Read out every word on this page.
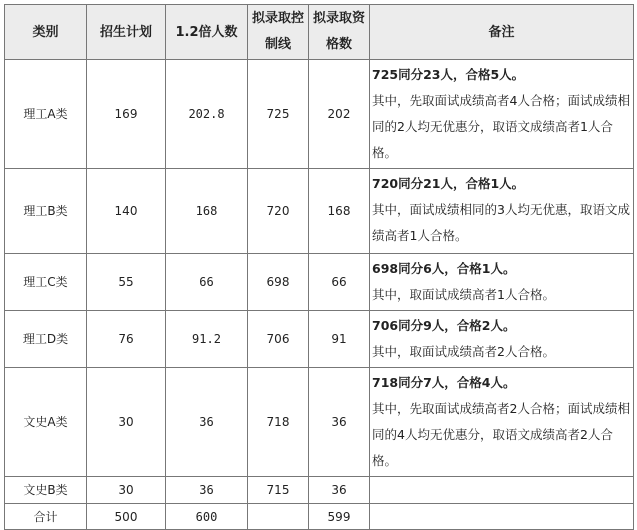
类别	招生计划	1.2倍人数	拟录取控制线	拟录取资格数	备注
理工A类	169	202.8	725	202	725同分23人，合格5人。
其中，先取面试成绩高者4人合格；面试成绩相同的2人均无优惠分，取语文成绩高者1人合格。

理工B类	140	168	720	168	720同分21人，合格1人。
其中，面试成绩相同的3人均无优惠，取语文成绩高者1人合格。

理工C类	55	66	698	66	698同分6人，合格1人。
其中，取面试成绩高者1人合格。

理工D类	76	91.2	706	91	706同分9人，合格2人。
其中，取面试成绩高者2人合格。

文史A类	30	36	718	36	718同分7人，合格4人。
其中，先取面试成绩高者2人合格；面试成绩相同的4人均无优惠分，取语文成绩高者2人合格。

文史B类	30	36	715	36	
合计	500	600		599	
